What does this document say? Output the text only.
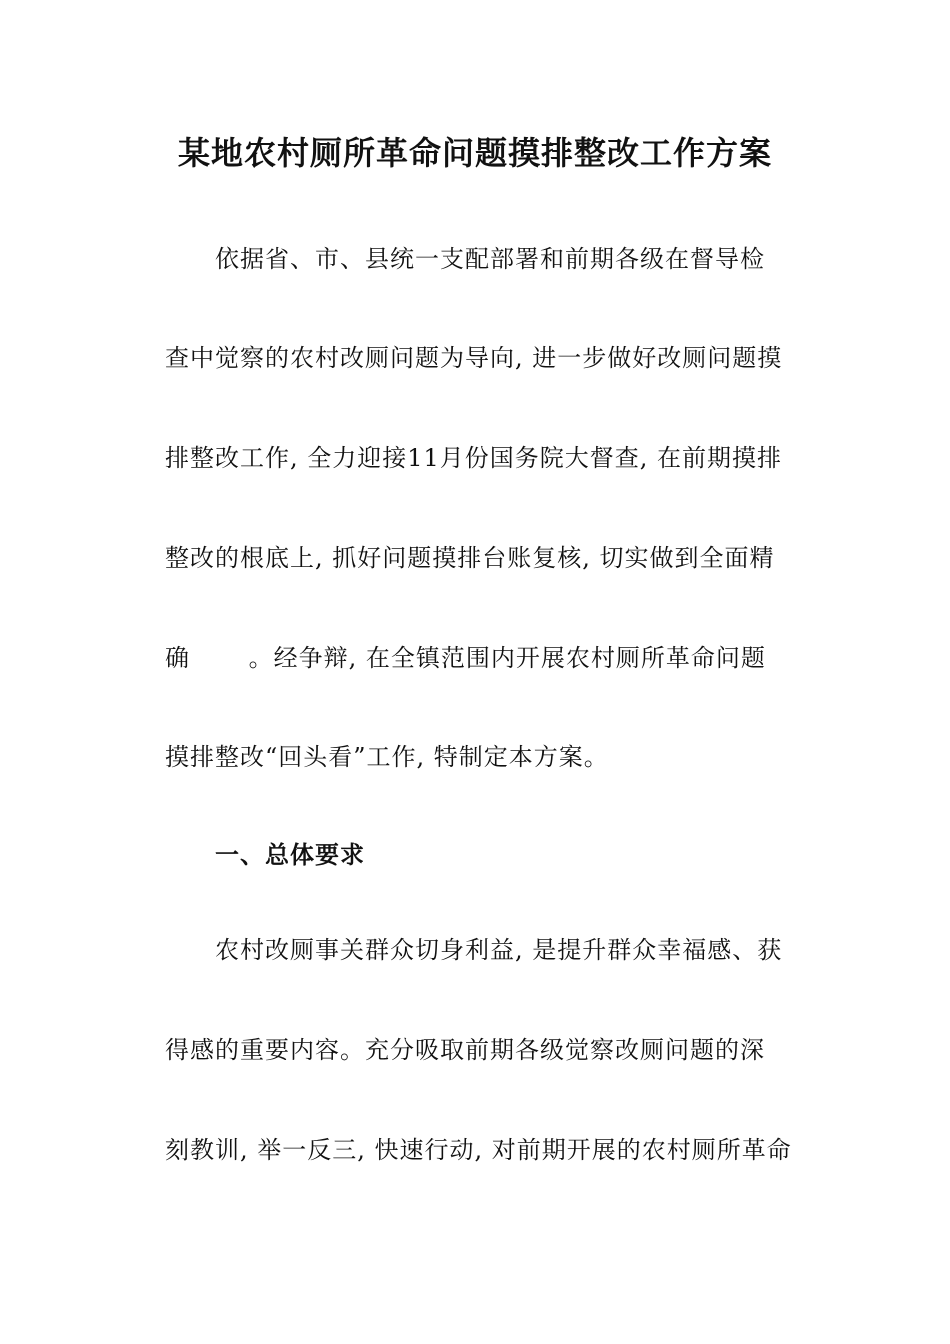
某地农村厕所革命问题摸排整改工作方案
依据省、市、县统一支配部署和前期各级在督导检
查中觉察的农村改厕问题为导向, 进一步做好改厕问题摸
排整改工作, 全力迎接11月份国务院大督查, 在前期摸排
整改的根底上, 抓好问题摸排台账复核, 切实做到全面精
确　　 。经争辩, 在全镇范围内开展农村厕所革命问题
摸排整改“回头看”工作, 特制定本方案。
一、总体要求
农村改厕事关群众切身利益, 是提升群众幸福感、获
得感的重要内容。充分吸取前期各级觉察改厕问题的深
刻教训, 举一反三, 快速行动, 对前期开展的农村厕所革命
